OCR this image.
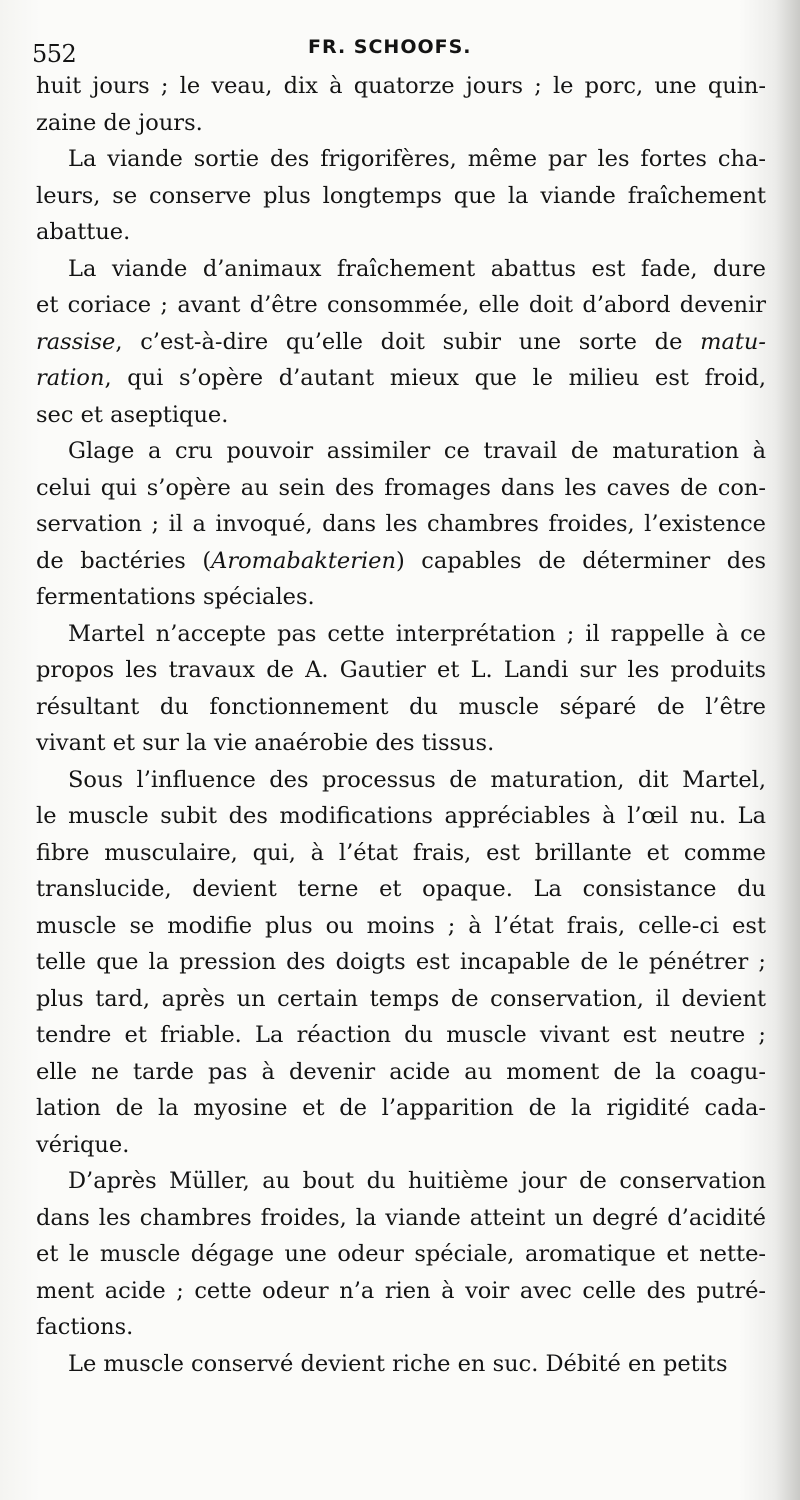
552	FR. SCHOOFS.
huit jours ; le veau, dix à quatorze jours ; le porc, une quin-
zaine de jours.
La viande sortie des frigorifères, même par les fortes cha-
leurs, se conserve plus longtemps que la viande fraîchement
abattue.
La viande d’animaux fraîchement abattus est fade, dure
et coriace ; avant d’être consommée, elle doit d’abord devenir
rassise, c’est-à-dire qu’elle doit subir une sorte de matu-
ration, qui s’opère d’autant mieux que le milieu est froid,
sec et aseptique.
Glage a cru pouvoir assimiler ce travail de maturation à
celui qui s’opère au sein des fromages dans les caves de con-
servation ; il a invoqué, dans les chambres froides, l’existence
de bactéries (Aromabakterien) capables de déterminer des
fermentations spéciales.
Martel n’accepte pas cette interprétation ; il rappelle à ce
propos les travaux de A. Gautier et L. Landi sur les produits
résultant du fonctionnement du muscle séparé de l’être
vivant et sur la vie anaérobie des tissus.
Sous l’influence des processus de maturation, dit Martel,
le muscle subit des modifications appréciables à l’œil nu. La
fibre musculaire, qui, à l’état frais, est brillante et comme
translucide, devient terne et opaque. La consistance du
muscle se modifie plus ou moins ; à l’état frais, celle-ci est
telle que la pression des doigts est incapable de le pénétrer ;
plus tard, après un certain temps de conservation, il devient
tendre et friable. La réaction du muscle vivant est neutre ;
elle ne tarde pas à devenir acide au moment de la coagu-
lation de la myosine et de l’apparition de la rigidité cada-
vérique.
D’après Müller, au bout du huitième jour de conservation
dans les chambres froides, la viande atteint un degré d’acidité
et le muscle dégage une odeur spéciale, aromatique et nette-
ment acide ; cette odeur n’a rien à voir avec celle des putré-
factions.
Le muscle conservé devient riche en suc. Débité en petits
